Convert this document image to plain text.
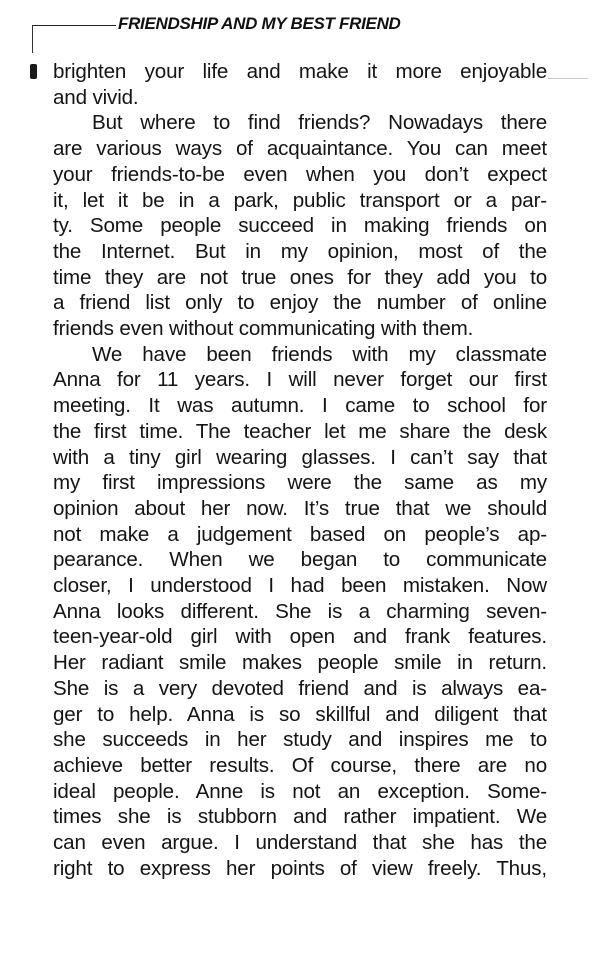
FRIENDSHIP AND MY BEST FRIEND
brighten your life and make it more enjoyable
and vivid.
But where to find friends? Nowadays there
are various ways of acquaintance. You can meet
your friends-to-be even when you don’t expect
it, let it be in a park, public transport or a par-
ty. Some people succeed in making friends on
the Internet. But in my opinion, most of the
time they are not true ones for they add you to
a friend list only to enjoy the number of online
friends even without communicating with them.
We have been friends with my classmate
Anna for 11 years. I will never forget our first
meeting. It was autumn. I came to school for
the first time. The teacher let me share the desk
with a tiny girl wearing glasses. I can’t say that
my first impressions were the same as my
opinion about her now. It’s true that we should
not make a judgement based on people’s ap-
pearance. When we began to communicate
closer, I understood I had been mistaken. Now
Anna looks different. She is a charming seven-
teen-year-old girl with open and frank features.
Her radiant smile makes people smile in return.
She is a very devoted friend and is always ea-
ger to help. Anna is so skillful and diligent that
she succeeds in her study and inspires me to
achieve better results. Of course, there are no
ideal people. Anne is not an exception. Some-
times she is stubborn and rather impatient. We
can even argue. I understand that she has the
right to express her points of view freely. Thus,
